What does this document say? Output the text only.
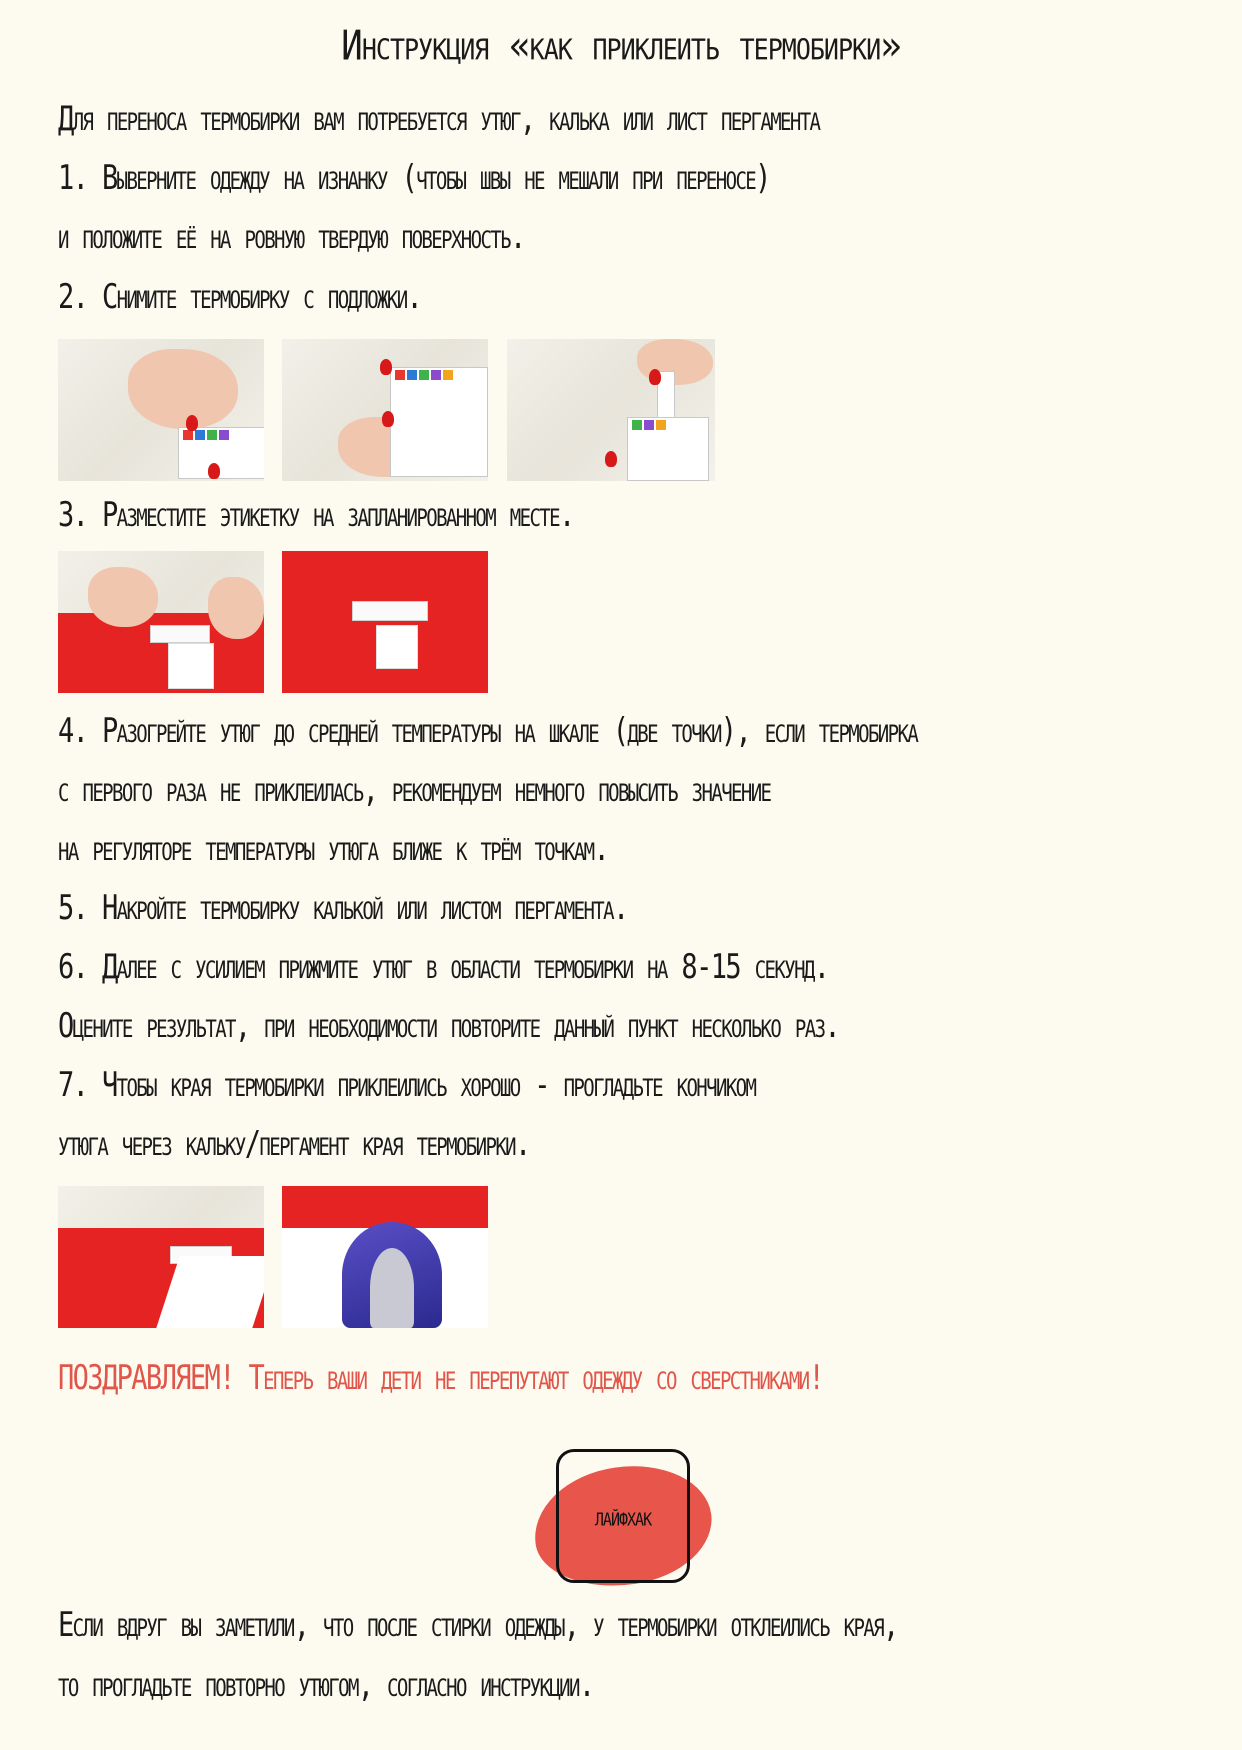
Инструкция «как приклеить термобирки»
Для переноса термобирки вам потребуется утюг, калька или лист пергамента
1. Выверните одежду на изнанку (чтобы швы не мешали при переносе)
и положите её на ровную твердую поверхность.
2. Снимите термобирку с подложки.
3. Разместите этикетку на запланированном месте.
4. Разогрейте утюг до средней температуры на шкале (две точки), если термобирка
с первого раза не приклеилась, рекомендуем немного повысить значение
на регуляторе температуры утюга ближе к трём точкам.
5. Накройте термобирку калькой или листом пергамента.
6. Далее с усилием прижмите утюг в области термобирки на 8-15 секунд.
Оцените результат, при необходимости повторите данный пункт несколько раз.
7. Чтобы края термобирки приклеились хорошо - прогладьте кончиком
утюга через кальку/пергамент края термобирки.
ПОЗДРАВЛЯЕМ! Теперь ваши дети не перепутают одежду со сверстниками!
лайфхак
Если вдруг вы заметили, что после стирки одежды, у термобирки отклеились края,
то прогладьте повторно утюгом, согласно инструкции.
